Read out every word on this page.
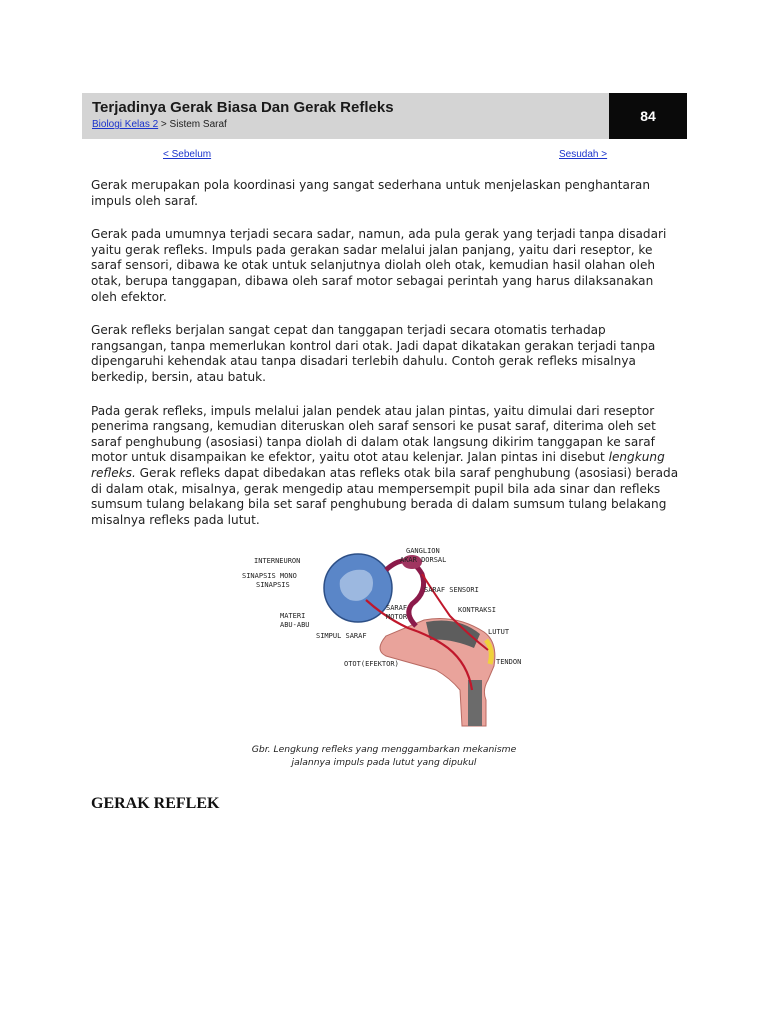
Terjadinya Gerak Biasa Dan Gerak Refleks
Biologi Kelas 2 > Sistem Saraf
84
< Sebelum	Sesudah >

Gerak merupakan pola koordinasi yang sangat sederhana untuk menjelaskan penghantaran impuls oleh saraf.

Gerak pada umumnya terjadi secara sadar, namun, ada pula gerak yang terjadi tanpa disadari yaitu gerak refleks. Impuls pada gerakan sadar melalui jalan panjang, yaitu dari reseptor, ke saraf sensori, dibawa ke otak untuk selanjutnya diolah oleh otak, kemudian hasil olahan oleh otak, berupa tanggapan, dibawa oleh saraf motor sebagai perintah yang harus dilaksanakan oleh efektor.

Gerak refleks berjalan sangat cepat dan tanggapan terjadi secara otomatis terhadap rangsangan, tanpa memerlukan kontrol dari otak. Jadi dapat dikatakan gerakan terjadi tanpa dipengaruhi kehendak atau tanpa disadari terlebih dahulu. Contoh gerak refleks misalnya berkedip, bersin, atau batuk.

Pada gerak refleks, impuls melalui jalan pendek atau jalan pintas, yaitu dimulai dari reseptor penerima rangsang, kemudian diteruskan oleh saraf sensori ke pusat saraf, diterima oleh set saraf penghubung (asosiasi) tanpa diolah di dalam otak langsung dikirim tanggapan ke saraf motor untuk disampaikan ke efektor, yaitu otot atau kelenjar. Jalan pintas ini disebut lengkung refleks. Gerak refleks dapat dibedakan atas refleks otak bila saraf penghubung (asosiasi) berada di dalam otak, misalnya, gerak mengedip atau mempersempit pupil bila ada sinar dan refleks sumsum tulang belakang bila set saraf penghubung berada di dalam sumsum tulang belakang misalnya refleks pada lutut.

INTERNEURON
SINAPSIS MONO
SINAPSIS
GANGLION
AKAR DORSAL
SARAF SENSORI
SARAF
MOTOR
KONTRAKSI
MATERI
ABU-ABU
SIMPUL SARAF	LUTUT
TENDON
OTOT(EFEKTOR)
Gbr. Lengkung refleks yang menggambarkan mekanisme
jalannya impuls pada lutut yang dipukul
GERAK REFLEK
